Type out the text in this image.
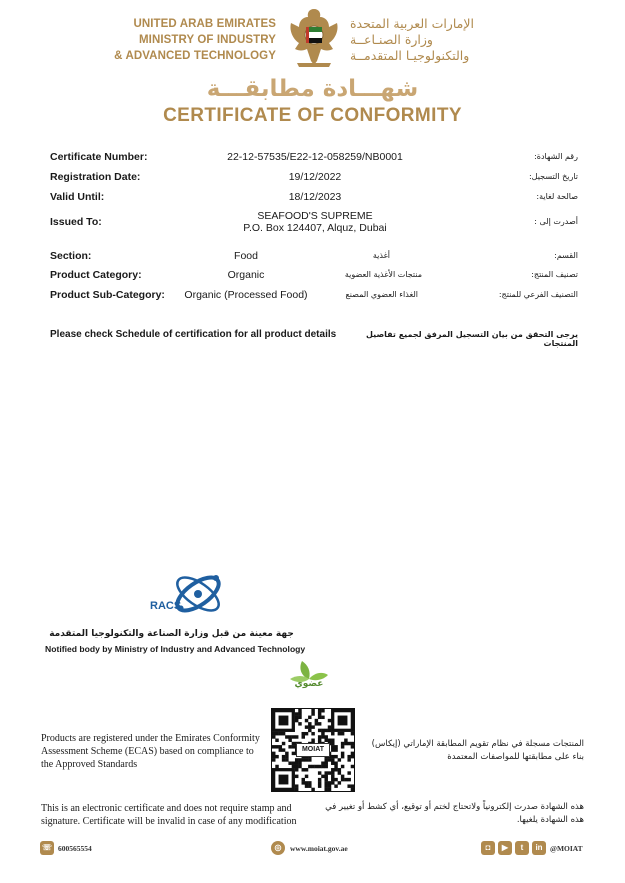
UNITED ARAB EMIRATES
MINISTRY OF INDUSTRY
& ADVANCED TECHNOLOGY
الإمارات العربية المتحدة
وزارة الصنـاعــة
والتكنولوجيـا المتقدمــة
شهـــادة مطابقـــة
CERTIFICATE OF CONFORMITY
Certificate Number:	22-12-57535/E22-12-058259/NB0001	رقم الشهادة:
Registration Date:	19/12/2022	تاريخ التسجيل:
Valid Until:	18/12/2023	صالحة لغاية:
Issued To:	SEAFOOD'S SUPREME
P.O. Box 124407, Alquz, Dubai
أصدرت إلى :
Section:	Food	أغذية	القسم:
Product Category:	Organic	منتجات الأغذية العضوية	تصنيف المنتج:
Product Sub-Category:	Organic (Processed Food)	الغذاء العضوي المصنع	التصنيف الفرعي للمنتج:
Please check Schedule of certification for all product details	يرجى التحقق من بيان التسجيل المرفق لجميع تفاصيل المنتجات
RACS
جهة معينة من قبل وزارة الصناعة والتكنولوجيا المتقدمة
Notified body by Ministry of Industry and Advanced Technology
عضوي
Products are registered under the Emirates Conformity Assessment Scheme (ECAS) based on compliance to the Approved Standards
MOIAT
المنتجات مسجلة في نظام تقويم المطابقة الإماراتي (إيكاس) بناء على مطابقتها للمواصفات المعتمدة
This is an electronic certificate and does not require stamp and signature. Certificate will be invalid in case of any modification
هذه الشهادة صدرت إلكترونياً ولاتحتاج لختم أو توقيع، أي كشط أو تغيير في هذه الشهادة يلغيها.
☏ 600565554	◎	www.moiat.gov.ae	◘	▶	t	in @MOIAT
